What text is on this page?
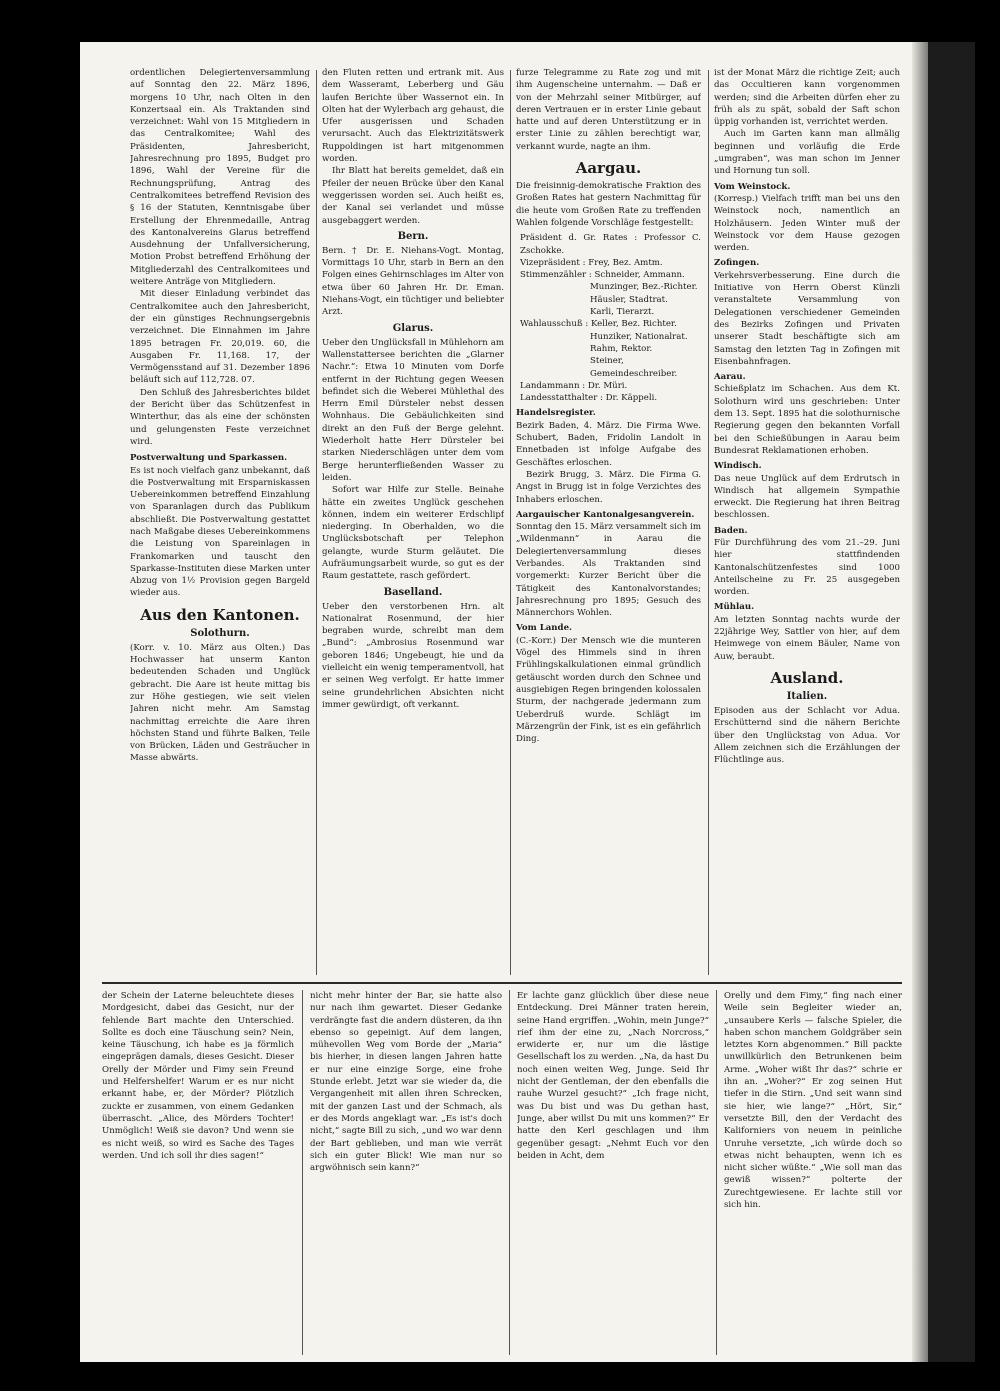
ordentlichen Delegiertenversammlung auf Sonntag den 22. März 1896, morgens 10 Uhr, nach Olten in den Konzertsaal ein. Als Traktanden sind verzeichnet: Wahl von 15 Mitgliedern in das Centralkomitee; Wahl des Präsidenten, Jahresbericht, Jahresrechnung pro 1895, Budget pro 1896, Wahl der Vereine für die Rechnungsprüfung, Antrag des Centralkomitees betreffend Revision des § 16 der Statuten, Kenntnisgabe über Erstellung der Ehrenmedaille, Antrag des Kantonalvereins Glarus betreffend Ausdehnung der Unfallversicherung, Motion Probst betreffend Erhöhung der Mitgliederzahl des Centralkomitees und weitere Anträge von Mitgliedern.

Mit dieser Einladung verbindet das Centralkomitee auch den Jahresbericht, der ein günstiges Rechnungsergebnis verzeichnet. Die Einnahmen im Jahre 1895 betragen Fr. 20,019. 60, die Ausgaben Fr. 11,168. 17, der Vermögensstand auf 31. Dezember 1896 beläuft sich auf 112,728. 07.

Den Schluß des Jahresberichtes bildet der Bericht über das Schützenfest in Winterthur, das als eine der schönsten und gelungensten Feste verzeichnet wird.

Postverwaltung und Sparkassen.

Es ist noch vielfach ganz unbekannt, daß die Postverwaltung mit Ersparniskassen Uebereinkommen betreffend Einzahlung von Sparanlagen durch das Publikum abschließt. Die Postverwaltung gestattet nach Maßgabe dieses Uebereinkommens die Leistung von Spareinlagen in Frankomarken und tauscht den Sparkasse-Instituten diese Marken unter Abzug von 1½ Provision gegen Bargeld wieder aus.

Aus den Kantonen.
Solothurn.

(Korr. v. 10. März aus Olten.) Das Hochwasser hat unserm Kanton bedeutenden Schaden und Unglück gebracht. Die Aare ist heute mittag bis zur Höhe gestiegen, wie seit vielen Jahren nicht mehr. Am Samstag nachmittag erreichte die Aare ihren höchsten Stand und führte Balken, Teile von Brücken, Läden und Gesträucher in Masse abwärts.

den Fluten retten und ertrank mit. Aus dem Wasseramt, Leberberg und Gäu laufen Berichte über Wassernot ein. In Olten hat der Wylerbach arg gehaust, die Ufer ausgerissen und Schaden verursacht. Auch das Elektrizitätswerk Ruppoldingen ist hart mitgenommen worden.

Ihr Blatt hat bereits gemeldet, daß ein Pfeiler der neuen Brücke über den Kanal weggerissen worden sei. Auch heißt es, der Kanal sei verlandet und müsse ausgebaggert werden.

Bern.

Bern. † Dr. E. Niehans-Vogt. Montag, Vormittags 10 Uhr, starb in Bern an den Folgen eines Gehirnschlages im Alter von etwa über 60 Jahren Hr. Dr. Eman. Niehans-Vogt, ein tüchtiger und beliebter Arzt.

Glarus.

Ueber den Unglücksfall in Mühlehorn am Wallenstattersee berichten die „Glarner Nachr.“: Etwa 10 Minuten vom Dorfe entfernt in der Richtung gegen Weesen befindet sich die Weberei Mühlethal des Herrn Emil Dürsteler nebst dessen Wohnhaus. Die Gebäulichkeiten sind direkt an den Fuß der Berge gelehnt. Wiederholt hatte Herr Dürsteler bei starken Niederschlägen unter dem vom Berge herunterfließenden Wasser zu leiden.

Sofort war Hilfe zur Stelle. Beinahe hätte ein zweites Unglück geschehen können, indem ein weiterer Erdschlipf niederging. In Oberhalden, wo die Unglücksbotschaft per Telephon gelangte, wurde Sturm geläutet. Die Aufräumungsarbeit wurde, so gut es der Raum gestattete, rasch gefördert.

Baselland.

Ueber den verstorbenen Hrn. alt Nationalrat Rosenmund, der hier begraben wurde, schreibt man dem „Bund“: „Ambrosius Rosenmund war geboren 1846; Ungebeugt, hie und da vielleicht ein wenig temperamentvoll, hat er seinen Weg verfolgt. Er hatte immer seine grundehrlichen Absichten nicht immer gewürdigt, oft verkannt.

furze Telegramme zu Rate zog und mit ihm Augenscheine unternahm. — Daß er von der Mehrzahl seiner Mitbürger, auf deren Vertrauen er in erster Linie gebaut hatte und auf deren Unterstützung er in erster Linie zu zählen berechtigt war, verkannt wurde, nagte an ihm.

Aargau.

Die freisinnig-demokratische Fraktion des Großen Rates hat gestern Nachmittag für die heute vom Großen Rate zu treffenden Wahlen folgende Vorschläge festgestellt:

Präsident d. Gr. Rates : Professor C. Zschokke.

Vizepräsident : Frey, Bez. Amtm.

Stimmenzähler : Schneider, Ammann.

Munzinger, Bez.-Richter.

Häusler, Stadtrat.

Karli, Tierarzt.

Wahlausschuß : Keller, Bez. Richter.

Hunziker, Nationalrat.

Rahm, Rektor.

Steiner, Gemeindeschreiber.

Landammann : Dr. Müri.

Landesstatthalter : Dr. Käppeli.

Handelsregister.

Bezirk Baden, 4. März. Die Firma Wwe. Schubert, Baden, Fridolin Landolt in Ennetbaden ist infolge Aufgabe des Geschäftes erloschen.

Bezirk Brugg, 3. März. Die Firma G. Angst in Brugg ist in folge Verzichtes des Inhabers erloschen.

Aargauischer Kantonalgesangverein.

Sonntag den 15. März versammelt sich im „Wildenmann“ in Aarau die Delegiertenversammlung dieses Verbandes. Als Traktanden sind vorgemerkt: Kurzer Bericht über die Tätigkeit des Kantonalvorstandes; Jahresrechnung pro 1895; Gesuch des Männerchors Wohlen.

Vom Lande.

(C.-Korr.) Der Mensch wie die munteren Vögel des Himmels sind in ihren Frühlingskalkulationen einmal gründlich getäuscht worden durch den Schnee und ausgiebigen Regen bringenden kolossalen Sturm, der nachgerade jedermann zum Ueberdruß wurde. Schlägt im Märzengrün der Fink, ist es ein gefährlich Ding.

ist der Monat März die richtige Zeit; auch das Occultieren kann vorgenommen werden; sind die Arbeiten dürfen eher zu früh als zu spät, sobald der Saft schon üppig vorhanden ist, verrichtet werden.

Auch im Garten kann man allmälig beginnen und vorläufig die Erde „umgraben“, was man schon im Jenner und Hornung tun soll.

Vom Weinstock.

(Korresp.) Vielfach trifft man bei uns den Weinstock noch, namentlich an Holzhäusern. Jeden Winter muß der Weinstock vor dem Hause gezogen werden.

Zofingen.

Verkehrsverbesserung. Eine durch die Initiative von Herrn Oberst Künzli veranstaltete Versammlung von Delegationen verschiedener Gemeinden des Bezirks Zofingen und Privaten unserer Stadt beschäftigte sich am Samstag den letzten Tag in Zofingen mit Eisenbahnfragen.

Aarau.

Schießplatz im Schachen. Aus dem Kt. Solothurn wird uns geschrieben: Unter dem 13. Sept. 1895 hat die solothurnische Regierung gegen den bekannten Vorfall bei den Schießübungen in Aarau beim Bundesrat Reklamationen erhoben.

Windisch.

Das neue Unglück auf dem Erdrutsch in Windisch hat allgemein Sympathie erweckt. Die Regierung hat ihren Beitrag beschlossen.

Baden.

Für Durchführung des vom 21.–29. Juni hier stattfindenden Kantonalschützenfestes sind 1000 Anteilscheine zu Fr. 25 ausgegeben worden.

Mühlau.

Am letzten Sonntag nachts wurde der 22jährige Wey, Sattler von hier, auf dem Heimwege von einem Bäuler, Name von Auw, beraubt.

Ausland.
Italien.

Episoden aus der Schlacht vor Adua. Erschütternd sind die nähern Berichte über den Unglückstag von Adua. Vor Allem zeichnen sich die Erzählungen der Flüchtlinge aus.

der Schein der Laterne beleuchtete dieses Mordgesicht, dabei das Gesicht, nur der fehlende Bart machte den Unterschied. Sollte es doch eine Täuschung sein? Nein, keine Täuschung, ich habe es ja förmlich eingeprägen damals, dieses Gesicht. Dieser Orelly der Mörder und Fimy sein Freund und Helfershelfer! Warum er es nur nicht erkannt habe, er, der Mörder? Plötzlich zuckte er zusammen, von einem Gedanken überrascht. „Alice, des Mörders Tochter! Unmöglich! Weiß sie davon? Und wenn sie es nicht weiß, so wird es Sache des Tages werden. Und ich soll ihr dies sagen!“

nicht mehr hinter der Bar, sie hatte also nur nach ihm gewartet. Dieser Gedanke verdrängte fast die andern düsteren, da ihn ebenso so gepeinigt. Auf dem langen, mühevollen Weg vom Borde der „Maria“ bis hierher, in diesen langen Jahren hatte er nur eine einzige Sorge, eine frohe Stunde erlebt. Jetzt war sie wieder da, die Vergangenheit mit allen ihren Schrecken, mit der ganzen Last und der Schmach, als er des Mords angeklagt war. „Es ist's doch nicht,“ sagte Bill zu sich, „und wo war denn der Bart geblieben, und man wie verrät sich ein guter Blick! Wie man nur so argwöhnisch sein kann?“

Er lachte ganz glücklich über diese neue Entdeckung. Drei Männer traten herein, seine Hand ergriffen. „Wohin, mein Junge?“ rief ihm der eine zu, „Nach Norcross,“ erwiderte er, nur um die lästige Gesellschaft los zu werden. „Na, da hast Du noch einen weiten Weg, Junge. Seid Ihr nicht der Gentleman, der den ebenfalls die rauhe Wurzel gesucht?“ „Ich frage nicht, was Du bist und was Du gethan hast, Junge, aber willst Du mit uns kommen?“ Er hatte den Kerl geschlagen und ihm gegenüber gesagt: „Nehmt Euch vor den beiden in Acht, dem

Orelly und dem Fimy,“ fing nach einer Weile sein Begleiter wieder an, „unsaubere Kerls — falsche Spieler, die haben schon manchem Goldgräber sein letztes Korn abgenommen.“ Bill packte unwillkürlich den Betrunkenen beim Arme. „Woher wißt Ihr das?“ schrie er ihn an. „Woher?“ Er zog seinen Hut tiefer in die Stirn. „Und seit wann sind sie hier, wie lange?“ „Hört, Sir,“ versetzte Bill, den der Verdacht des Kaliforniers von neuem in peinliche Unruhe versetzte, „ich würde doch so etwas nicht behaupten, wenn ich es nicht sicher wüßte.“ „Wie soll man das gewiß wissen?“ polterte der Zurechtgewiesene. Er lachte still vor sich hin.
